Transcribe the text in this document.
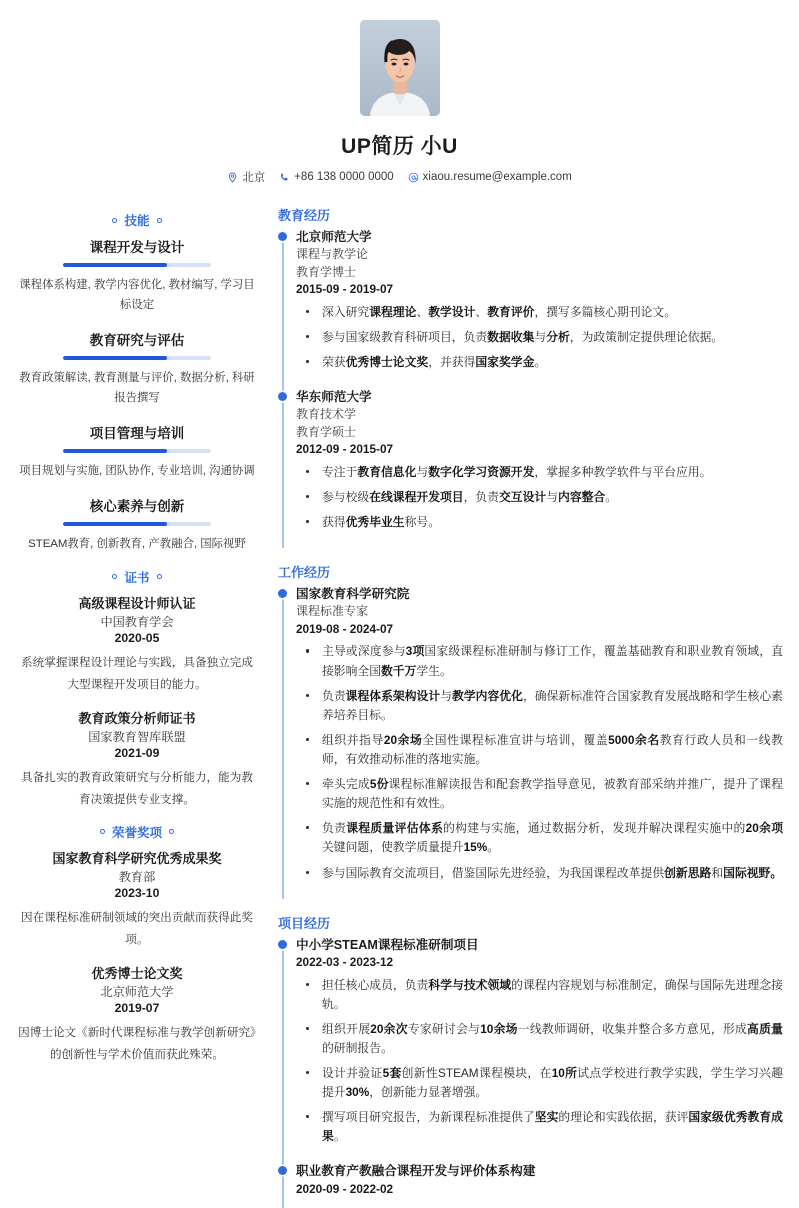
UP简历 小U
北京	+86 138 0000 0000	xiaou.resume@example.com
技能
课程开发与设计
课程体系构建, 教学内容优化, 教材编写, 学习目标设定
教育研究与评估
教育政策解读, 教育测量与评价, 数据分析, 科研报告撰写
项目管理与培训
项目规划与实施, 团队协作, 专业培训, 沟通协调
核心素养与创新
STEAM教育, 创新教育, 产教融合, 国际视野
证书
高级课程设计师认证
中国教育学会
2020-05
系统掌握课程设计理论与实践，具备独立完成大型课程开发项目的能力。
教育政策分析师证书
国家教育智库联盟
2021-09
具备扎实的教育政策研究与分析能力，能为教育决策提供专业支撑。
荣誉奖项
国家教育科学研究优秀成果奖
教育部
2023-10
因在课程标准研制领域的突出贡献而获得此奖项。
优秀博士论文奖
北京师范大学
2019-07
因博士论文《新时代课程标准与教学创新研究》的创新性与学术价值而获此殊荣。
教育经历
北京师范大学
课程与教学论
教育学博士
2015-09 - 2019-07
深入研究课程理论、教学设计、教育评价，撰写多篇核心期刊论文。
参与国家级教育科研项目，负责数据收集与分析，为政策制定提供理论依据。
荣获优秀博士论文奖，并获得国家奖学金。
华东师范大学
教育技术学
教育学硕士
2012-09 - 2015-07
专注于教育信息化与数字化学习资源开发，掌握多种教学软件与平台应用。
参与校级在线课程开发项目，负责交互设计与内容整合。
获得优秀毕业生称号。
工作经历
国家教育科学研究院
课程标准专家
2019-08 - 2024-07
主导或深度参与3项国家级课程标准研制与修订工作，覆盖基础教育和职业教育领域，直接影响全国数千万学生。
负责课程体系架构设计与教学内容优化，确保新标准符合国家教育发展战略和学生核心素养培养目标。
组织并指导20余场全国性课程标准宣讲与培训，覆盖5000余名教育行政人员和一线教师，有效推动标准的落地实施。
牵头完成5份课程标准解读报告和配套教学指导意见，被教育部采纳并推广，提升了课程实施的规范性和有效性。
负责课程质量评估体系的构建与实施，通过数据分析，发现并解决课程实施中的20余项关键问题，使教学质量提升15%。
参与国际教育交流项目，借鉴国际先进经验，为我国课程改革提供创新思路和国际视野。
项目经历
中小学STEAM课程标准研制项目
2022-03 - 2023-12
担任核心成员，负责科学与技术领域的课程内容规划与标准制定，确保与国际先进理念接轨。
组织开展20余次专家研讨会与10余场一线教师调研，收集并整合多方意见，形成高质量的研制报告。
设计并验证5套创新性STEAM课程模块，在10所试点学校进行教学实践，学生学习兴趣提升30%，创新能力显著增强。
撰写项目研究报告，为新课程标准提供了坚实的理论和实践依据，获评国家级优秀教育成果。
职业教育产教融合课程开发与评价体系构建
2020-09 - 2022-02
